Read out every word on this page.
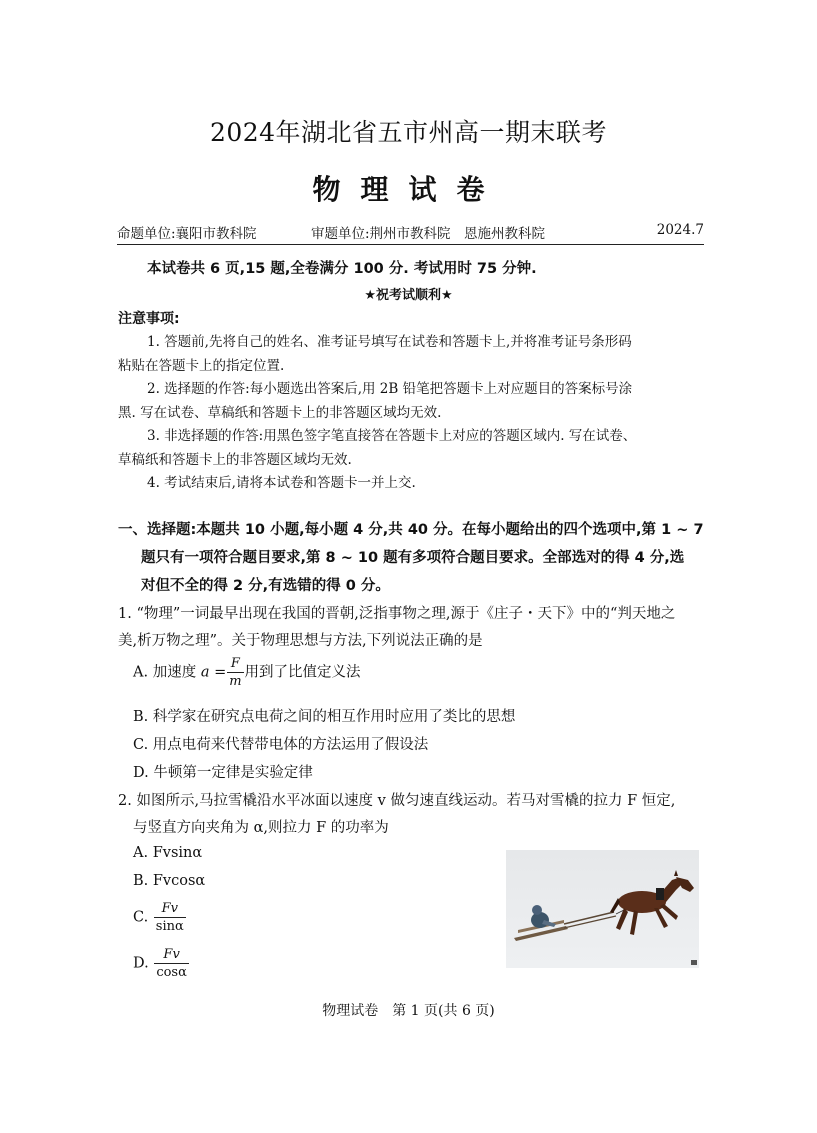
2024年湖北省五市州高一期末联考
物理试卷
命题单位:襄阳市教科院	审题单位:荆州市教科院　恩施州教科院	2024.7
本试卷共 6 页,15 题,全卷满分 100 分. 考试用时 75 分钟.
★祝考试顺利★
注意事项:
1. 答题前,先将自己的姓名、准考证号填写在试卷和答题卡上,并将准考证号条形码
粘贴在答题卡上的指定位置.
2. 选择题的作答:每小题选出答案后,用 2B 铅笔把答题卡上对应题目的答案标号涂
黑. 写在试卷、草稿纸和答题卡上的非答题区域均无效.
3. 非选择题的作答:用黑色签字笔直接答在答题卡上对应的答题区域内. 写在试卷、
草稿纸和答题卡上的非答题区域均无效.
4. 考试结束后,请将本试卷和答题卡一并上交.
一、选择题:本题共 10 小题,每小题 4 分,共 40 分。在每小题给出的四个选项中,第 1 ~ 7
题只有一项符合题目要求,第 8 ~ 10 题有多项符合题目要求。全部选对的得 4 分,选
对但不全的得 2 分,有选错的得 0 分。
1. “物理”一词最早出现在我国的晋朝,泛指事物之理,源于《庄子・天下》中的“判天地之
美,析万物之理”。关于物理思想与方法,下列说法正确的是
A. 加速度 $a = \frac{F}{m}$ 用到了比值定义法
B. 科学家在研究点电荷之间的相互作用时应用了类比的思想
C. 用点电荷来代替带电体的方法运用了假设法
D. 牛顿第一定律是实验定律
2. 如图所示,马拉雪橇沿水平冰面以速度 v 做匀速直线运动。若马对雪橇的拉力 F 恒定,
与竖直方向夹角为 α,则拉力 F 的功率为
A. Fvsinα
B. Fvcosα
C. $\frac{Fv}{\sin\alpha}$
D. $\frac{Fv}{\cos\alpha}$
物理试卷　第 1 页(共 6 页)
